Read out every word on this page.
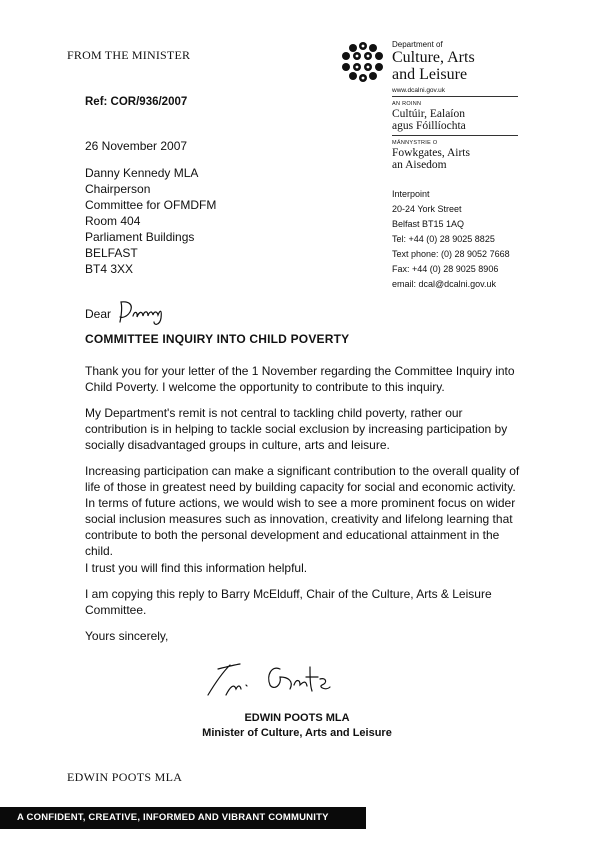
FROM THE MINISTER
Department of
Culture, Arts
and Leisure
www.dcalni.gov.uk
AN ROINN
Cultúir, Ealaíon
agus Fóillíochta
MÄNNYSTRIE O
Fowkgates, Airts
an Aisedom
Ref: COR/936/2007
26 November 2007
Danny Kennedy MLA
Chairperson
Committee for OFMDFM
Room 404
Parliament Buildings
BELFAST
BT4 3XX
Interpoint
20-24 York Street
Belfast BT15 1AQ
Tel: +44 (0) 28 9025 8825
Text phone: (0) 28 9052 7668
Fax: +44 (0) 28 9025 8906
email: dcal@dcalni.gov.uk
Dear
COMMITTEE INQUIRY INTO CHILD POVERTY
Thank you for your letter of the 1 November regarding the Committee Inquiry into Child Poverty. I welcome the opportunity to contribute to this inquiry.
My Department's remit is not central to tackling child poverty, rather our contribution is in helping to tackle social exclusion by increasing participation by socially disadvantaged groups in culture, arts and leisure.
Increasing participation can make a significant contribution to the overall quality of life of those in greatest need by building capacity for social and economic activity. In terms of future actions, we would wish to see a more prominent focus on wider social inclusion measures such as innovation, creativity and lifelong learning that contribute to both the personal development and educational attainment in the child.
I trust you will find this information helpful.
I am copying this reply to Barry McElduff, Chair of the Culture, Arts & Leisure Committee.
Yours sincerely,
EDWIN POOTS MLA
Minister of Culture, Arts and Leisure
EDWIN POOTS MLA
A CONFIDENT, CREATIVE, INFORMED AND VIBRANT COMMUNITY
